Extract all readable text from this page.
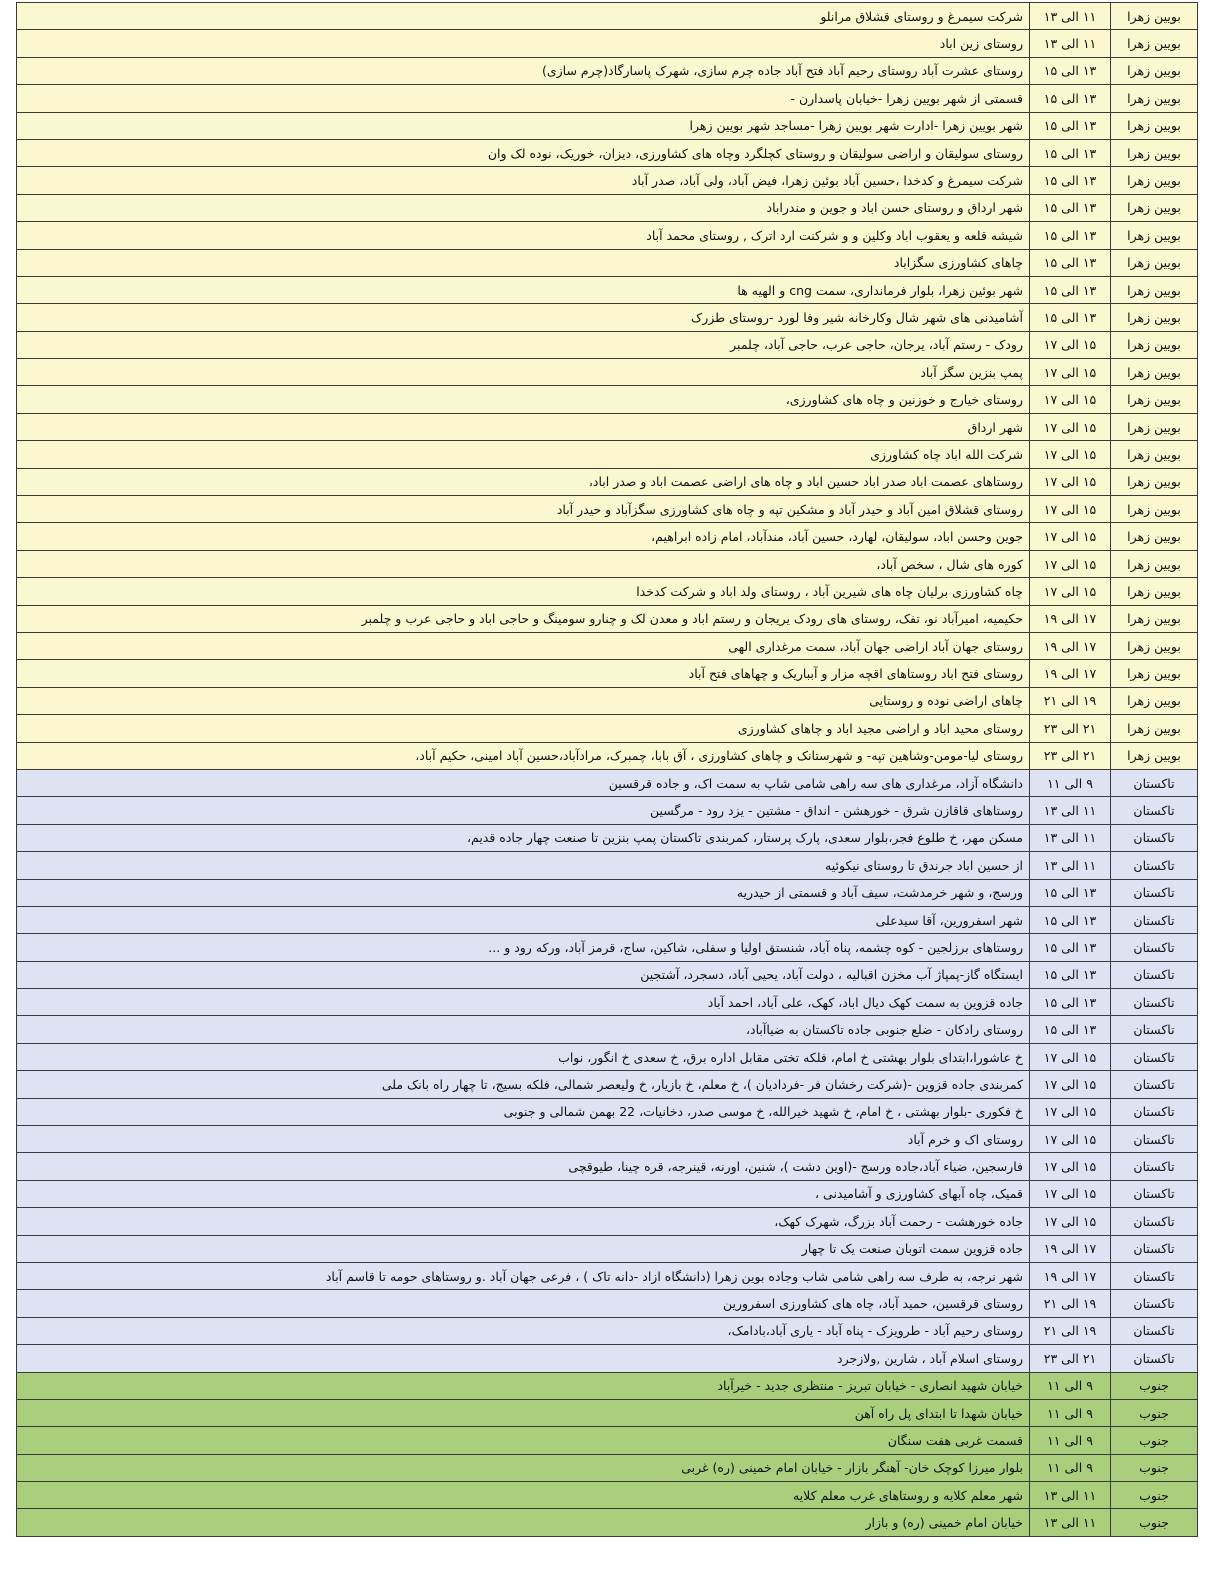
بویین زهرا	۱۱ الی ۱۳	شرکت سیمرغ و روستای قشلاق مرانلو
بویین زهرا	۱۱ الی ۱۳	روستای زین اباد
بویین زهرا	۱۳ الی ۱۵	روستای عشرت آباد روستای رحیم آباد فتح آباد جاده چرم سازی، شهرک پاسارگاد(چرم سازی)
بویین زهرا	۱۳ الی ۱۵	قسمتی از شهر بویین زهرا -خیابان پاسدارن -
بویین زهرا	۱۳ الی ۱۵	شهر بویین زهرا -ادارت شهر بویین زهرا -مساجد شهر بویین زهرا
بویین زهرا	۱۳ الی ۱۵	روستای سولیقان و اراضی سولیقان و روستای کچلگرد وچاه های کشاورزی، دیزان، خوریک، نوده لک وان
بویین زهرا	۱۳ الی ۱۵	شرکت سیمرغ و کدخدا ،حسین آباد بوئین زهرا، فیض آباد، ولی آباد، صدر آباد
بویین زهرا	۱۳ الی ۱۵	شهر ارداق و روستای حسن اباد و جوین و مندراباد
بویین زهرا	۱۳ الی ۱۵	شیشه قلعه و یعقوب اباد وکلین و و شرکنت ارد اترک , روستای محمد آباد
بویین زهرا	۱۳ الی ۱۵	چاهای کشاورزی سگزاباد
بویین زهرا	۱۳ الی ۱۵	شهر بوئین زهرا، بلوار فرمانداری، سمت cng و الهیه ها
بویین زهرا	۱۳ الی ۱۵	آشامیدنی های شهر شال وکارخانه شیر وفا لورد -روستای طزرک
بویین زهرا	۱۵ الی ۱۷	رودک - رستم آباد، یرجان، حاجی عرب، حاجی آباد، چلمبر
بویین زهرا	۱۵ الی ۱۷	پمپ بنزین سگز آباد
بویین زهرا	۱۵ الی ۱۷	روستای خیارج و خوزنین و چاه های کشاورزی،
بویین زهرا	۱۵ الی ۱۷	شهر ارداق
بویین زهرا	۱۵ الی ۱۷	شرکت الله اباد چاه کشاورزی
بویین زهرا	۱۵ الی ۱۷	روستاهای عصمت اباد صدر اباد حسین اباد و چاه های اراضی عصمت اباد و صدر اباد،
بویین زهرا	۱۵ الی ۱۷	روستای قشلاق امین آباد و حیدر آباد و مشکین تپه و چاه های کشاورزی سگزآباد و حیدر آباد
بویین زهرا	۱۵ الی ۱۷	جوین وحسن اباد، سولیقان، لهارد، حسین آباد، مندآباد، امام زاده ابراهیم،
بویین زهرا	۱۵ الی ۱۷	کوره های شال ، سخص آباد،
بویین زهرا	۱۵ الی ۱۷	چاه کشاورزی برلیان چاه های شیرین آباد ، روستای ولد اباد و شرکت کدخدا
بویین زهرا	۱۷ الی ۱۹	حکیمیه، امیرآباد نو، تفک، روستای های رودک یریجان و رستم اباد و معدن لک و چنارو سومینگ و حاجی اباد و حاجی عرب و چلمبر
بویین زهرا	۱۷ الی ۱۹	روستای جهان آباد اراضی جهان آباد، سمت مرغداری الهی
بویین زهرا	۱۷ الی ۱۹	روستای فتح اباد روستاهای اقچه مزار و آبباریک و چهاهای فتح آباد
بویین زهرا	۱۹ الی ۲۱	چاهای اراضی نوده و روستایی
بویین زهرا	۲۱ الی ۲۳	روستای محید اباد و اراضی مجید اباد و چاهای کشاورزی
بویین زهرا	۲۱ الی ۲۳	روستای لیا-مومن-وشاهین تپه- و شهرستانک و چاهای کشاورزی ، آق بابا، چمبرک، مرادآباد،حسین آباد امینی، حکیم آباد،
تاکستان	۹ الی ۱۱	دانشگاه آزاد، مرغداری های سه راهی شامی شاپ به سمت اک، و جاده قرقسین
تاکستان	۱۱ الی ۱۳	روستاهای قاقازن شرق - خورهشن - انداق - مشتین - یزد رود - مرگسین
تاکستان	۱۱ الی ۱۳	مسکن مهر، خ طلوع فجر،بلوار سعدی، پارک پرستار، کمربندی تاکستان پمپ بنزین تا صنعت چهار جاده قدیم،
تاکستان	۱۱ الی ۱۳	از حسین اباد جرندق تا روستای نیکوئیه
تاکستان	۱۳ الی ۱۵	ورسج، و شهر خرمدشت، سیف آباد و قسمتی از حیدریه
تاکستان	۱۳ الی ۱۵	شهر اسفرورین، آقا سیدعلی
تاکستان	۱۳ الی ۱۵	روستاهای برزلجین - کوه چشمه، پناه آباد، شنستق اولیا و سفلی، شاکین، ساج، قرمز آباد، ورکه رود و ...
تاکستان	۱۳ الی ۱۵	ایستگاه گاز-پمپاژ آب مخزن اقبالیه ، دولت آباد، یحیی آباد، دسجرد، آشتجین
تاکستان	۱۳ الی ۱۵	جاده قزوین به سمت کهک دیال اباد، کهک، علی آباد، احمد آباد
تاکستان	۱۳ الی ۱۵	روستای رادکان - ضلع جنوبی جاده تاکستان به ضیاآباد،
تاکستان	۱۵ الی ۱۷	خ عاشورا،ابتدای بلوار بهشتی خ امام، فلکه تختی مقابل اداره برق، خ سعدی خ انگور، نواب
تاکستان	۱۵ الی ۱۷	کمربندی جاده قزوین -(شرکت رخشان فر -فردادیان )، خ معلم، خ بازیار، خ ولیعصر شمالی، فلکه بسیج، تا چهار راه بانک ملی
تاکستان	۱۵ الی ۱۷	خ فکوری -بلوار بهشتی ، خ امام، خ شهید خیرالله، خ موسی صدر، دخانیات، 22 بهمن شمالی و جنوبی
تاکستان	۱۵ الی ۱۷	روستای اک و خرم آباد
تاکستان	۱۵ الی ۱۷	فارسجین، ضیاء آباد،جاده ورسج -(اوین دشت )، شنین، اورنه، قینرجه، قره چینا، طیوقچی
تاکستان	۱۵ الی ۱۷	قمیک، چاه آبهای کشاورزی و آشامیدنی ،
تاکستان	۱۵ الی ۱۷	جاده خورهشت - رحمت آباد بزرگ، شهرک کهک،
تاکستان	۱۷ الی ۱۹	جاده قزوین سمت اتوبان صنعت یک تا چهار
تاکستان	۱۷ الی ۱۹	شهر نرجه، به طرف سه راهی شامی شاب وجاده بوین زهرا (دانشگاه ازاد -دانه تاک ) ، فرعی جهان آباد .و روستاهای حومه تا قاسم آباد
تاکستان	۱۹ الی ۲۱	روستای قرقسین، حمید آباد، چاه های کشاورزی اسفرورین
تاکستان	۱۹ الی ۲۱	روستای رحیم آباد - طرویزک - پناه آباد - یاری آباد،بادامک،
تاکستان	۲۱ الی ۲۳	روستای اسلام آباد ، شارین ,ولازجرد
جنوب	۹ الی ۱۱	خیابان شهید انصاری - خیابان تبریز - منتظری جدید - خیرآباد
جنوب	۹ الی ۱۱	خیابان شهدا تا ابتدای پل راه آهن
جنوب	۹ الی ۱۱	قسمت غربی هفت سنگان
جنوب	۹ الی ۱۱	بلوار میرزا کوچک خان- آهنگر بازار - خیابان امام خمینی (ره) غربی
جنوب	۱۱ الی ۱۳	شهر معلم کلایه و روستاهای غرب معلم کلایه
جنوب	۱۱ الی ۱۳	خیابان امام خمینی (ره) و بازار
